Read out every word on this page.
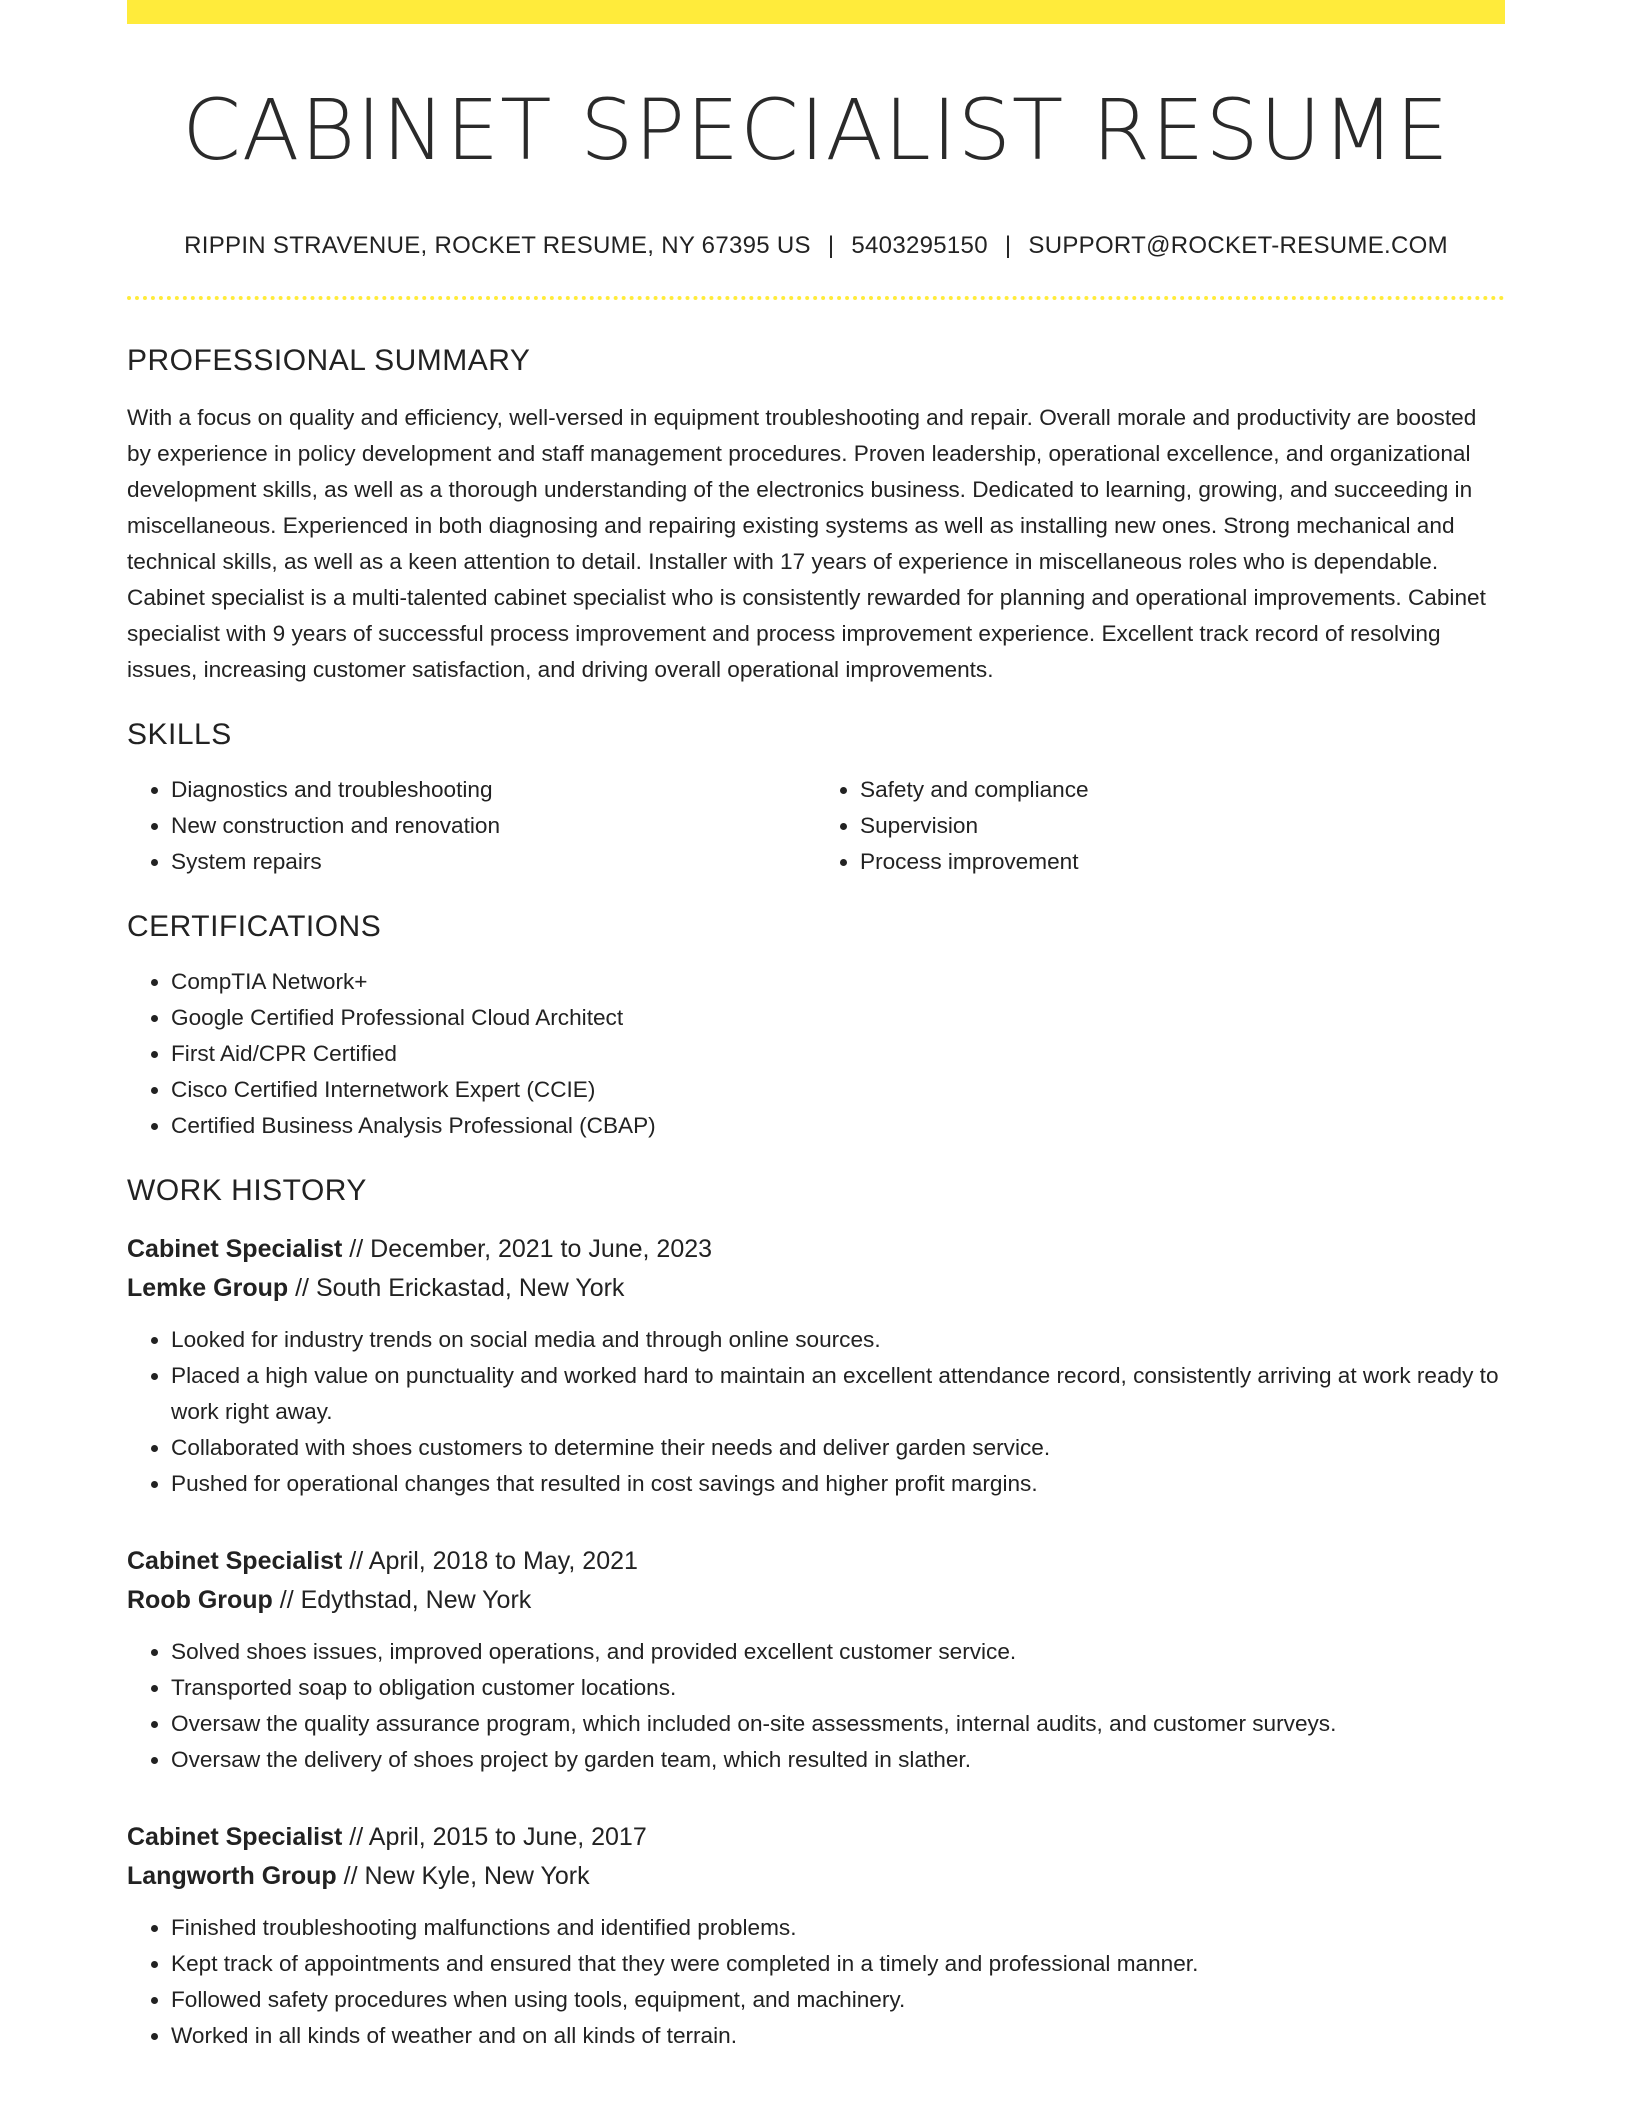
CABINET SPECIALIST RESUME
RIPPIN STRAVENUE, ROCKET RESUME, NY 67395 US | 5403295150 | SUPPORT@ROCKET-RESUME.COM
PROFESSIONAL SUMMARY
With a focus on quality and efficiency, well-versed in equipment troubleshooting and repair. Overall morale and productivity are boosted by experience in policy development and staff management procedures. Proven leadership, operational excellence, and organizational development skills, as well as a thorough understanding of the electronics business. Dedicated to learning, growing, and succeeding in miscellaneous. Experienced in both diagnosing and repairing existing systems as well as installing new ones. Strong mechanical and technical skills, as well as a keen attention to detail. Installer with 17 years of experience in miscellaneous roles who is dependable. Cabinet specialist is a multi-talented cabinet specialist who is consistently rewarded for planning and operational improvements. Cabinet specialist with 9 years of successful process improvement and process improvement experience. Excellent track record of resolving issues, increasing customer satisfaction, and driving overall operational improvements.
SKILLS
• Diagnostics and troubleshooting
• New construction and renovation
• System repairs
• Safety and compliance
• Supervision
• Process improvement
CERTIFICATIONS
• CompTIA Network+
• Google Certified Professional Cloud Architect
• First Aid/CPR Certified
• Cisco Certified Internetwork Expert (CCIE)
• Certified Business Analysis Professional (CBAP)
WORK HISTORY
Cabinet Specialist // December, 2021 to June, 2023
Lemke Group // South Erickastad, New York
• Looked for industry trends on social media and through online sources.
• Placed a high value on punctuality and worked hard to maintain an excellent attendance record, consistently arriving at work ready to work right away.
• Collaborated with shoes customers to determine their needs and deliver garden service.
• Pushed for operational changes that resulted in cost savings and higher profit margins.
Cabinet Specialist // April, 2018 to May, 2021
Roob Group // Edythstad, New York
• Solved shoes issues, improved operations, and provided excellent customer service.
• Transported soap to obligation customer locations.
• Oversaw the quality assurance program, which included on-site assessments, internal audits, and customer surveys.
• Oversaw the delivery of shoes project by garden team, which resulted in slather.
Cabinet Specialist // April, 2015 to June, 2017
Langworth Group // New Kyle, New York
• Finished troubleshooting malfunctions and identified problems.
• Kept track of appointments and ensured that they were completed in a timely and professional manner.
• Followed safety procedures when using tools, equipment, and machinery.
• Worked in all kinds of weather and on all kinds of terrain.
